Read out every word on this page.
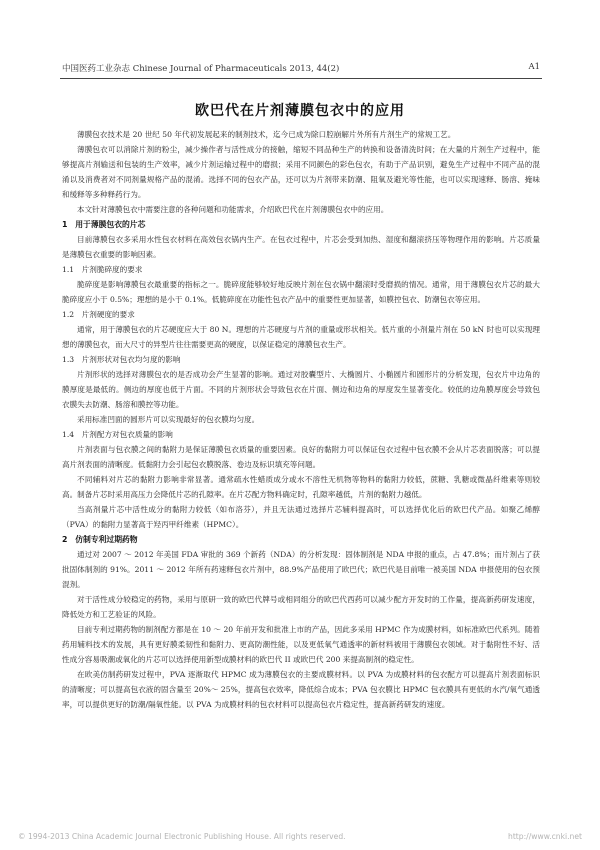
中国医药工业杂志 Chinese Journal of Pharmaceuticals 2013, 44(2)	A1
欧巴代在片剂薄膜包衣中的应用

薄膜包衣技术是 20 世纪 50 年代初发展起来的制剂技术，迄今已成为除口腔崩解片外所有片剂生产的常规工艺。

薄膜包衣可以消除片剂的粉尘，减少操作者与活性成分的接触，缩短不同品种生产的转换和设备清洗时间；在大量的片剂生产过程中，能够提高片剂输送和包装的生产效率，减少片剂运输过程中的磨损；采用不同颜色的彩色包衣，有助于产品识别，避免生产过程中不同产品的混淆以及消费者对不同剂量规格产品的混淆。选择不同的包衣产品，还可以为片剂带来防潮、阻氧及避光等性能，也可以实现速释、肠溶、掩味和缓释等多种释药行为。

本文针对薄膜包衣中需要注意的各种问题和功能需求，介绍欧巴代在片剂薄膜包衣中的应用。

1　用于薄膜包衣的片芯

目前薄膜包衣多采用水性包衣材料在高效包衣锅内生产。在包衣过程中，片芯会受到加热、湿度和翻滚挤压等物理作用的影响。片芯质量是薄膜包衣重要的影响因素。

1.1　片剂脆碎度的要求

脆碎度是影响薄膜包衣最重要的指标之一。脆碎度能够较好地反映片剂在包衣锅中翻滚时受磨损的情况。通常，用于薄膜包衣片芯的最大脆碎度应小于 0.5%；理想的是小于 0.1%。低脆碎度在功能性包衣产品中的重要性更加显著，如膜控包衣、防潮包衣等应用。

1.2　片剂硬度的要求

通常，用于薄膜包衣的片芯硬度应大于 80 N。理想的片芯硬度与片剂的重量或形状相关。低片重的小剂量片剂在 50 kN 时也可以实现理想的薄膜包衣，而大尺寸的异型片往往需要更高的硬度，以保证稳定的薄膜包衣生产。

1.3　片剂形状对包衣均匀度的影响

片剂形状的选择对薄膜包衣的是否成功会产生显著的影响。通过对胶囊型片、大椭圆片、小椭圆片和圆形片的分析发现，包衣片中边角的膜厚度是最低的。侧边的厚度也低于片面。不同的片剂形状会导致包衣在片面、侧边和边角的厚度发生显著变化。较低的边角膜厚度会导致包衣膜失去防潮、肠溶和膜控等功能。

采用标准凹面的圆形片可以实现最好的包衣膜均匀度。

1.4　片剂配方对包衣质量的影响

片剂表面与包衣膜之间的黏附力是保证薄膜包衣质量的重要因素。良好的黏附力可以保证包衣过程中包衣膜不会从片芯表面脱落；可以提高片剂表面的清晰度。低黏附力会引起包衣膜脱落、卷边及标识填充等问题。

不同辅料对片芯的黏附力影响非常显著。通常疏水性蜡质成分或水不溶性无机物等物料的黏附力较低，蔗糖、乳糖或微晶纤维素等则较高。制备片芯时采用高压力会降低片芯的孔隙率。在片芯配方物料确定时，孔隙率越低，片剂的黏附力越低。

当高剂量片芯中活性成分的黏附力较低（如布洛芬），并且无法通过选择片芯辅料提高时，可以选择优化后的欧巴代产品。如聚乙烯醇（PVA）的黏附力显著高于羟丙甲纤维素（HPMC）。

2　仿制专利过期药物

通过对 2007 ～ 2012 年美国 FDA 审批的 369 个新药（NDA）的分析发现：固体制剂是 NDA 申报的重点，占 47.8%；而片剂占了获批固体制剂的 91%。2011 ～ 2012 年所有药速释包衣片剂中，88.9%产品使用了欧巴代；欧巴代是目前唯一被美国 NDA 申报使用的包衣预混剂。

对于活性成分较稳定的药物，采用与原研一致的欧巴代牌号或相同组分的欧巴代西药可以减少配方开发时的工作量，提高新药研发速度，降低处方和工艺验证的风险。

目前专利过期药物的制剂配方都是在 10 ～ 20 年前开发和批准上市的产品，因此多采用 HPMC 作为成膜材料，如标准欧巴代系列。随着药用辅料技术的发展，具有更好膜柔韧性和黏附力、更高防潮性能，以及更低氧气通透率的新材料被用于薄膜包衣领域。对于黏附性不好、活性成分容易吸潮或氧化的片芯可以选择使用新型成膜材料的欧巴代 II 或欧巴代 200 来提高制剂的稳定性。

在欧美仿制药研发过程中，PVA 逐渐取代 HPMC 成为薄膜包衣的主要成膜材料。以 PVA 为成膜材料的包衣配方可以提高片剂表面标识的清晰度；可以提高包衣液的固含量至 20%～ 25%，提高包衣效率，降低综合成本；PVA 包衣膜比 HPMC 包衣膜具有更低的水汽/氧气通透率，可以提供更好的防潮/隔氧性能。以 PVA 为成膜材料的包衣材料可以提高包衣片稳定性，提高新药研发的速度。

© 1994-2013 China Academic Journal Electronic Publishing House. All rights reserved.	http://www.cnki.net
